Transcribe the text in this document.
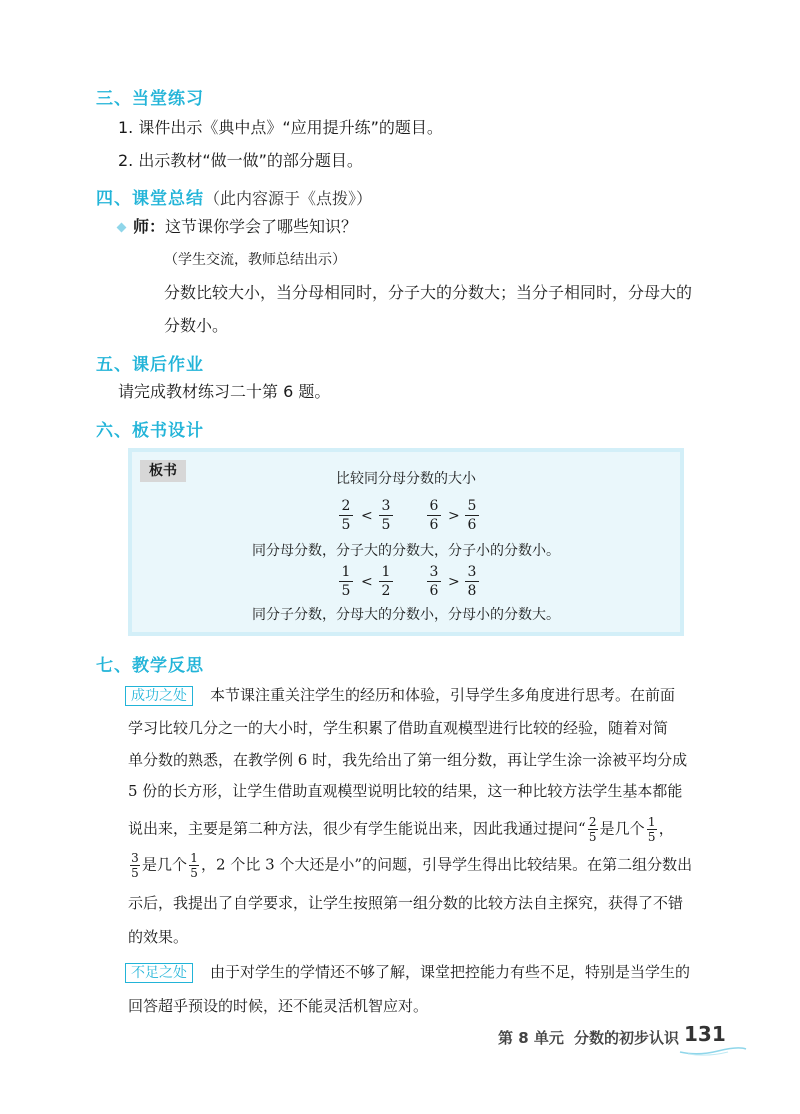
三、当堂练习
1. 课件出示《典中点》“应用提升练”的题目。
2. 出示教材“做一做”的部分题目。
四、课堂总结（此内容源于《点拨》）
师：这节课你学会了哪些知识？
（学生交流，教师总结出示）
分数比较大小，当分母相同时，分子大的分数大；当分子相同时，分母大的
分数小。
五、课后作业
请完成教材练习二十第 6 题。
六、板书设计
板书	比较同分母分数的大小
2
5
<
3
5
6
6
>
5
6
同分母分数，分子大的分数大，分子小的分数小。
1
5
<
1
2
3
6
>
3
8
同分子分数，分母大的分数小，分母小的分数大。
七、教学反思
成功之处	本节课注重关注学生的经历和体验，引导学生多角度进行思考。在前面
学习比较几分之一的大小时，学生积累了借助直观模型进行比较的经验，随着对简
单分数的熟悉，在教学例 6 时，我先给出了第一组分数，再让学生涂一涂被平均分成
5 份的长方形，让学生借助直观模型说明比较的结果，这一种比较方法学生基本都能
说出来，主要是第二种方法，很少有学生能说出来，因此我通过提问“ $\frac{2}{5}$ 是几个 $\frac{1}{5}$ ，
$\frac{3}{5}$ 是几个 $\frac{1}{5}$ ，2 个比 3 个大还是小”的问题，引导学生得出比较结果。在第二组分数出
示后，我提出了自学要求，让学生按照第一组分数的比较方法自主探究，获得了不错
的效果。
不足之处	由于对学生的学情还不够了解，课堂把控能力有些不足，特别是当学生的
回答超乎预设的时候，还不能灵活机智应对。
第 8 单元 分数的初步认识 131
